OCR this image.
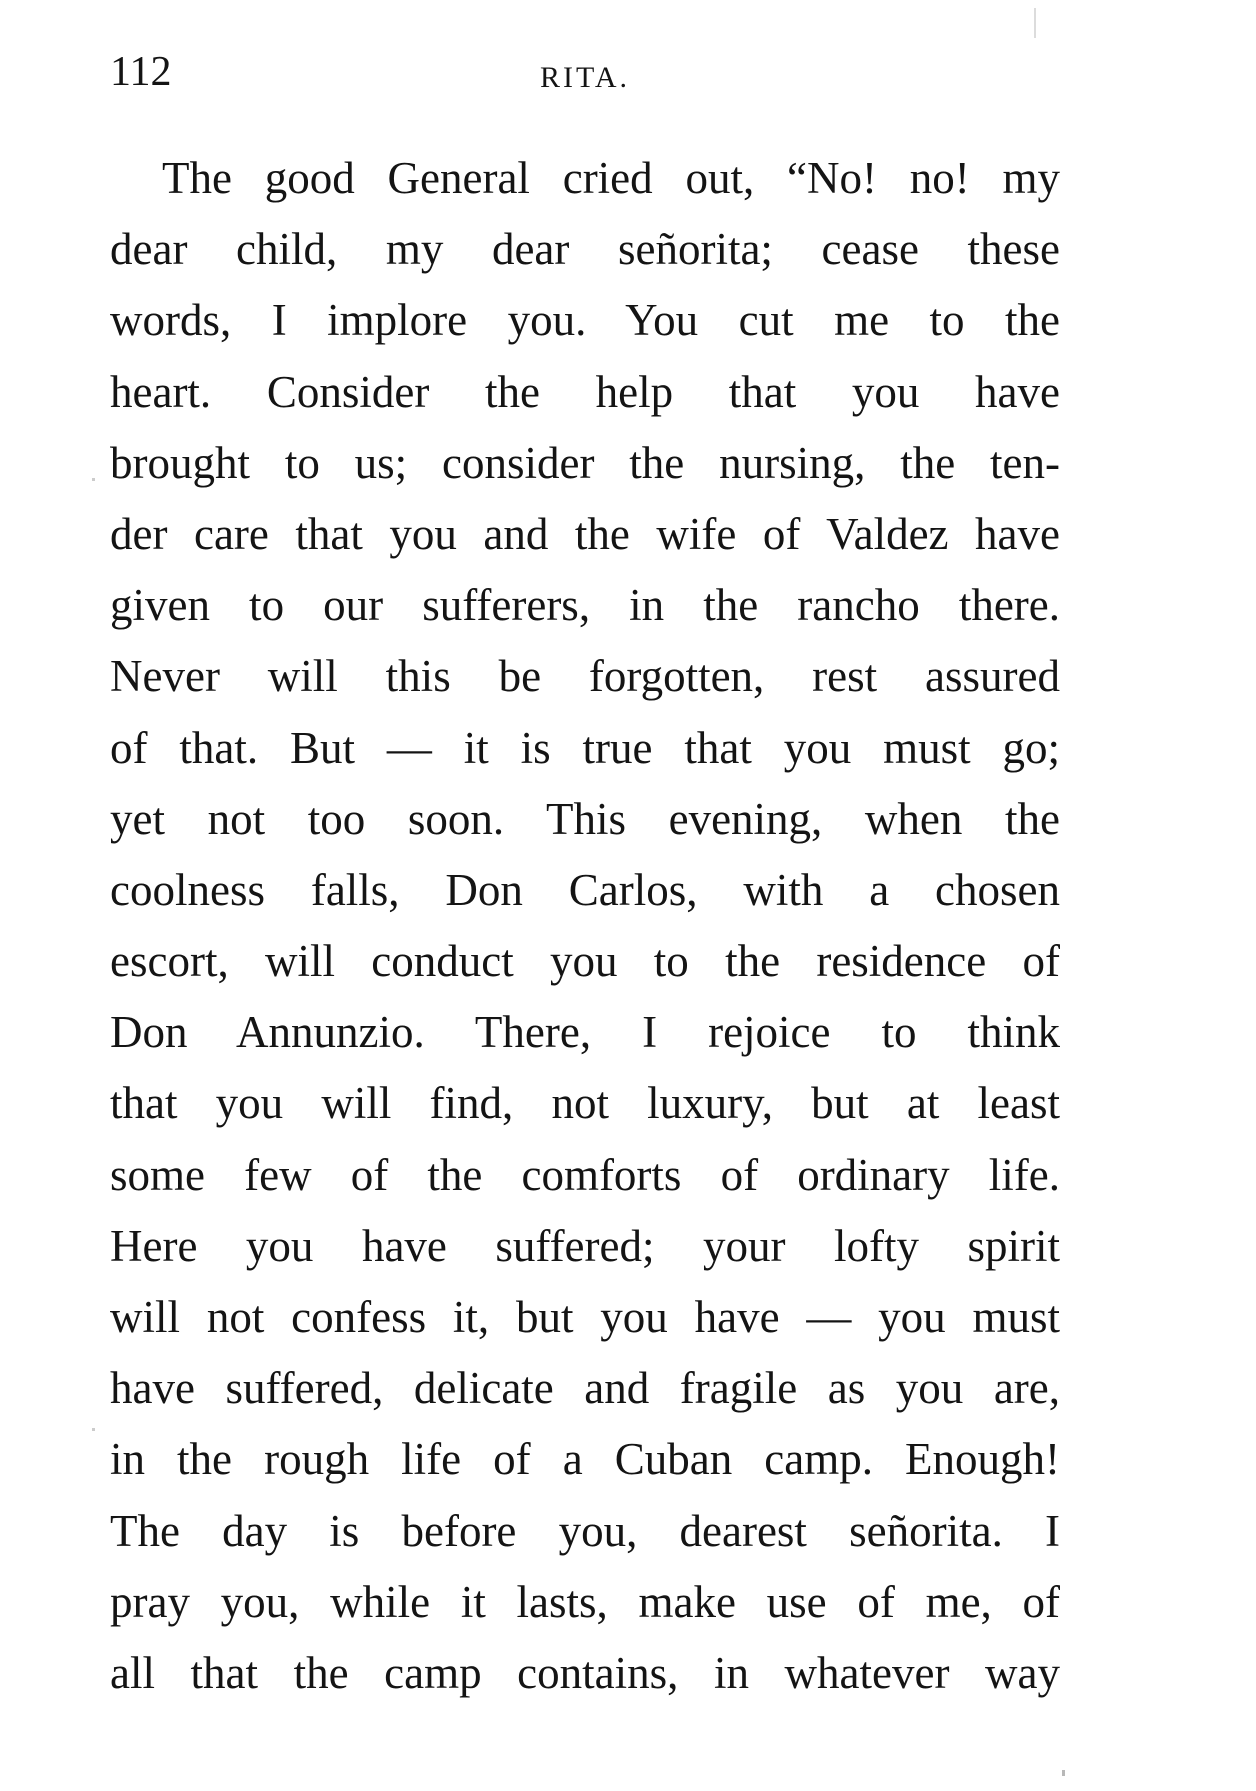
112	RITA.
The good General cried out, “No! no! my
dear child, my dear señorita; cease these
words, I implore you. You cut me to the
heart. Consider the help that you have
brought to us; consider the nursing, the ten-
der care that you and the wife of Valdez have
given to our sufferers, in the rancho there.
Never will this be forgotten, rest assured
of that. But — it is true that you must go;
yet not too soon. This evening, when the
coolness falls, Don Carlos, with a chosen
escort, will conduct you to the residence of
Don Annunzio. There, I rejoice to think
that you will find, not luxury, but at least
some few of the comforts of ordinary life.
Here you have suffered; your lofty spirit
will not confess it, but you have — you must
have suffered, delicate and fragile as you are,
in the rough life of a Cuban camp. Enough!
The day is before you, dearest señorita. I
pray you, while it lasts, make use of me, of
all that the camp contains, in whatever way
